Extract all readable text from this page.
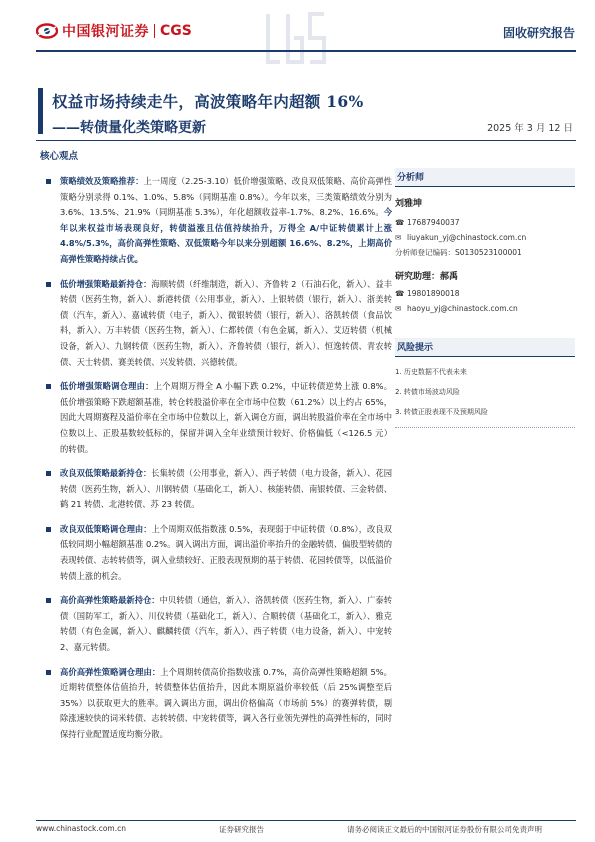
中国银河证券 CGS	固收研究报告
权益市场持续走牛，高波策略年内超额 16%
——转债量化类策略更新	2025 年 3 月 12 日
核心观点
策略绩效及策略推荐：上一周度（2.25-3.10）低价增强策略、改良双低策略、高价高弹性策略分别录得 0.1%、1.0%、5.8%（同期基准 0.8%）。今年以来，三类策略绩效分别为 3.6%、13.5%、21.9%（同期基准 5.3%），年化超额收益率-1.7%、8.2%、16.6%。今年以来权益市场表现良好，转债溢涨且估值持续抬升，万得全 A/中证转债累计上涨 4.8%/5.3%，高价高弹性策略、双低策略今年以来分别超额 16.6%、8.2%，上期高价高弹性策略持续占优。
低价增强策略最新持仓：海顺转债（纤维制造，新入）、齐鲁转 2（石油石化，新入）、益丰转债（医药生物，新入）、新港转债（公用事业，新入）、上银转债（银行，新入）、浙美转债（汽车，新入）、嘉诚转债（电子，新入）、微银转债（银行，新入）、洛凯转债（食品饮料，新入）、万丰转债（医药生物，新入）、仁都转债（有色金属，新入）、艾迈转债（机械设备，新入）、九钢转债（医药生物，新入）、齐鲁转债（银行，新入）、恒逸转债、青农转债、天士转债、赛美转债、兴发转债、兴德转债。
低价增强策略调仓理由：上个周期万得全 A 小幅下跌 0.2%，中证转债逆势上涨 0.8%。低价增强策略下跌超额基准，转仓转股溢价率在全市场中位数（61.2%）以上约占 65%，因此大周期赛程及溢价率在全市场中位数以上，新入调仓方面，调出转股溢价率在全市场中位数以上、正股基数较低标的，保留并调入全年业绩预计较好、价格偏低（<126.5 元）的转债。
改良双低策略最新持仓：长集转债（公用事业，新入）、西子转债（电力设备，新入）、花园转债（医药生物，新入）、川钢转债（基础化工，新入）、核能转债、南银转债、三金转债、鹤 21 转债、北港转债、苏 23 转债。
改良双低策略调仓理由：上个周期双低指数涨 0.5%，表现弱于中证转债（0.8%），改良双低较同期小幅超额基准 0.2%。调入调出方面，调出溢价率抬升的金融转债、偏股型转债的表现转债、志转转债等，调入业绩较好、正股表现预期的基于转债、花园转债等，以低溢价转债上涨的机会。
高价高弹性策略最新持仓：中贝转债（通信，新入）、洛凯转债（医药生物，新入）、广泰转债（国防军工，新入）、川仪转债（基础化工，新入）、合顺转债（基础化工，新入）、雅克转债（有色金属，新入）、麒麟转债（汽车，新入）、西子转债（电力设备，新入）、中宠转 2、嘉元转债。
高价高弹性策略调仓理由：上个周期转债高价指数收涨 0.7%，高价高弹性策略超额 5%。近期转债整体估值抬升，转债整体估值抬升，因此本期原溢价率较低（后 25%调整至后 35%）以获取更大的胜率。调入调出方面，调出价格偏高（市场前 5%）的赛弹转债，剔除涨速较快的词米转债、志转转债、中宠转债等，调入各行业领先弹性的高弹性标的，同时保持行业配置适度均衡分散。
分析师
刘雅坤
☎ 17687940037
✉ liuyakun_yj@chinastock.com.cn
分析师登记编码： S0130523100001
研究助理：郝禹
☎ 19801890018
✉ haoyu_yj@chinastock.com.cn
风险提示
1. 历史数据不代表未来
2. 转债市场波动风险
3. 转债正股表现不及预期风险
www.chinastock.com.cn	证券研究报告	请务必阅读正文最后的中国银河证券股份有限公司免责声明
